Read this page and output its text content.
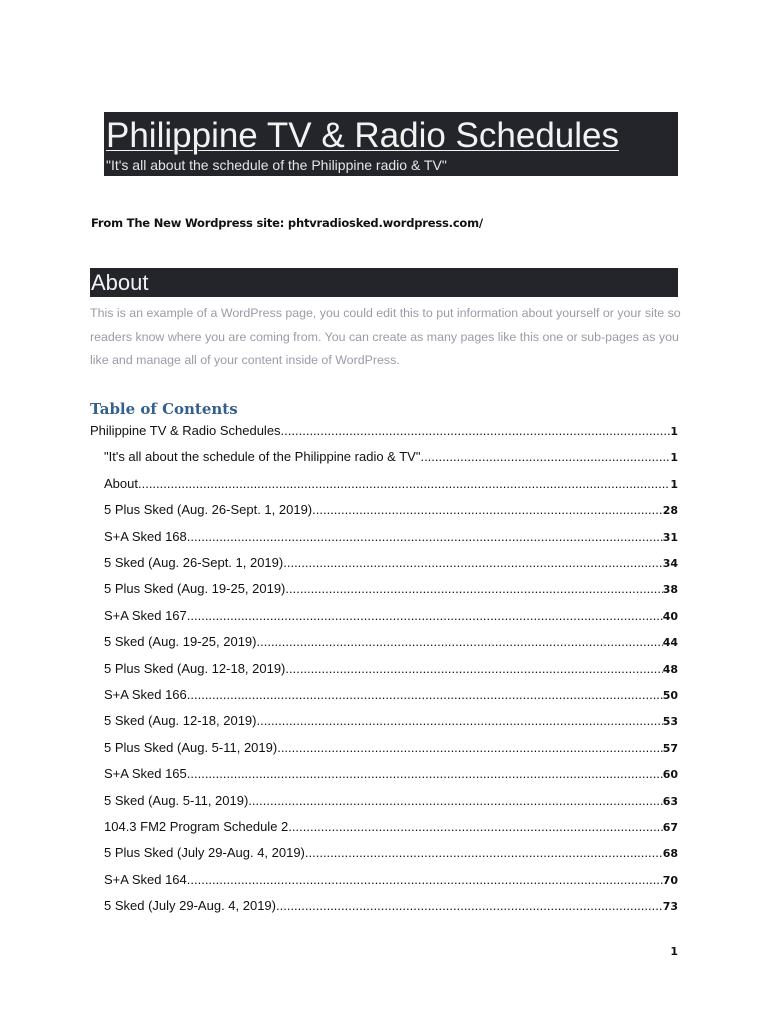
Philippine TV & Radio Schedules
"It's all about the schedule of the Philippine radio & TV"
From The New Wordpress site: phtvradiosked.wordpress.com/
About

This is an example of a WordPress page, you could edit this to put information about yourself or your site so readers know where you are coming from. You can create as many pages like this one or sub-pages as you like and manage all of your content inside of WordPress.

Table of Contents
Philippine TV & Radio Schedules .....	1
"It's all about the schedule of the Philippine radio & TV" .....	1
About .....	1
5 Plus Sked (Aug. 26-Sept. 1, 2019) .....	28
S+A Sked 168 .....	31
5 Sked (Aug. 26-Sept. 1, 2019) .....	34
5 Plus Sked (Aug. 19-25, 2019) .....	38
S+A Sked 167 .....	40
5 Sked (Aug. 19-25, 2019) .....	44
5 Plus Sked (Aug. 12-18, 2019) .....	48
S+A Sked 166 .....	50
5 Sked (Aug. 12-18, 2019) .....	53
5 Plus Sked (Aug. 5-11, 2019) .....	57
S+A Sked 165 .....	60
5 Sked (Aug. 5-11, 2019) .....	63
104.3 FM2 Program Schedule 2 .....	67
5 Plus Sked (July 29-Aug. 4, 2019) .....	68
S+A Sked 164 .....	70
5 Sked (July 29-Aug. 4, 2019) .....	73
1
